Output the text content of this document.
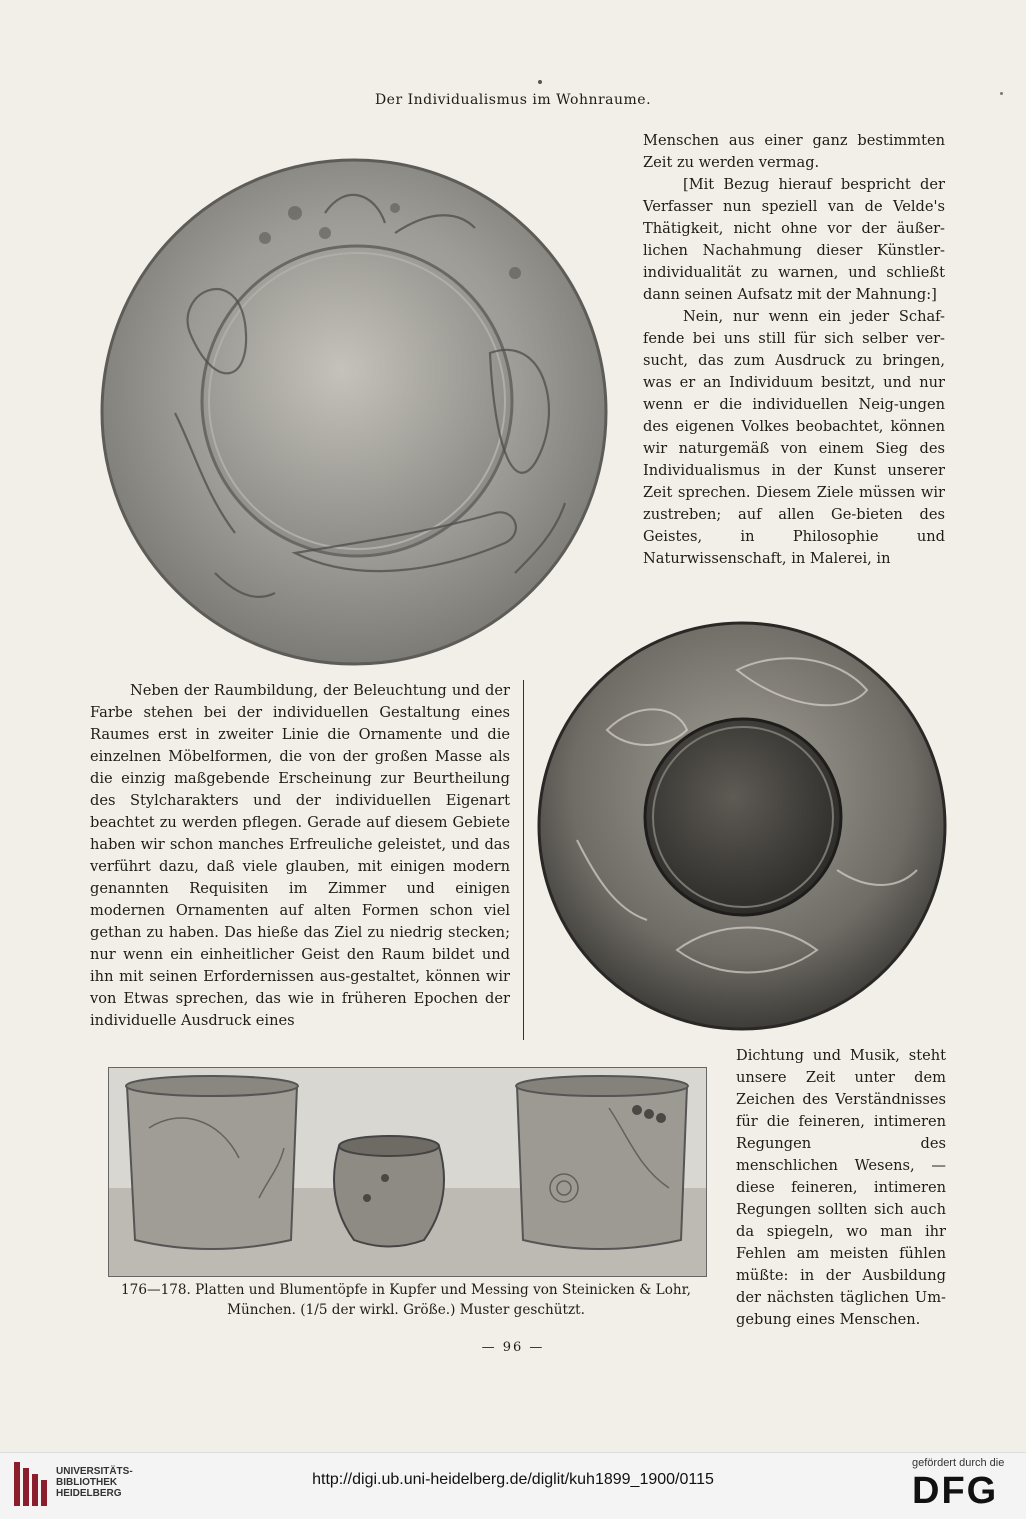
Der Individualismus im Wohnraume.

Menschen aus einer ganz bestimmten Zeit zu werden vermag.

[Mit Bezug hierauf bespricht der Verfasser nun speziell van de Velde's Thätigkeit, nicht ohne vor der äußer-lichen Nachahmung dieser Künstler-individualität zu warnen, und schließt dann seinen Aufsatz mit der Mahnung:]

Nein, nur wenn ein jeder Schaf-fende bei uns still für sich selber ver-sucht, das zum Ausdruck zu bringen, was er an Individuum besitzt, und nur wenn er die individuellen Neig-ungen des eigenen Volkes beobachtet, können wir naturgemäß von einem Sieg des Individualismus in der Kunst unserer Zeit sprechen. Diesem Ziele müssen wir zustreben; auf allen Ge-bieten des Geistes, in Philosophie und Naturwissenschaft, in Malerei, in

Neben der Raumbildung, der Beleuchtung und der Farbe stehen bei der individuellen Gestaltung eines Raumes erst in zweiter Linie die Ornamente und die einzelnen Möbelformen, die von der großen Masse als die einzig maßgebende Erscheinung zur Beurtheilung des Stylcharakters und der individuellen Eigenart beachtet zu werden pflegen. Gerade auf diesem Gebiete haben wir schon manches Erfreuliche geleistet, und das verführt dazu, daß viele glauben, mit einigen modern genannten Requisiten im Zimmer und einigen modernen Ornamenten auf alten Formen schon viel gethan zu haben. Das hieße das Ziel zu niedrig stecken; nur wenn ein einheitlicher Geist den Raum bildet und ihn mit seinen Erfordernissen aus-gestaltet, können wir von Etwas sprechen, das wie in früheren Epochen der individuelle Ausdruck eines

Dichtung und Musik, steht unsere Zeit unter dem Zeichen des Verständnisses für die feineren, intimeren Regungen des menschlichen Wesens, — diese feineren, intimeren Regungen sollten sich auch da spiegeln, wo man ihr Fehlen am meisten fühlen müßte: in der Ausbildung der nächsten täglichen Um-gebung eines Menschen.

176—178. Platten und Blumentöpfe in Kupfer und Messing von Steinicken & Lohr,
München. (1/5 der wirkl. Größe.) Muster geschützt.
— 96 —
UNIVERSITÄTS-
BIBLIOTHEK
HEIDELBERG
http://digi.ub.uni-heidelberg.de/diglit/kuh1899_1900/0115
gefördert durch die
DFG
